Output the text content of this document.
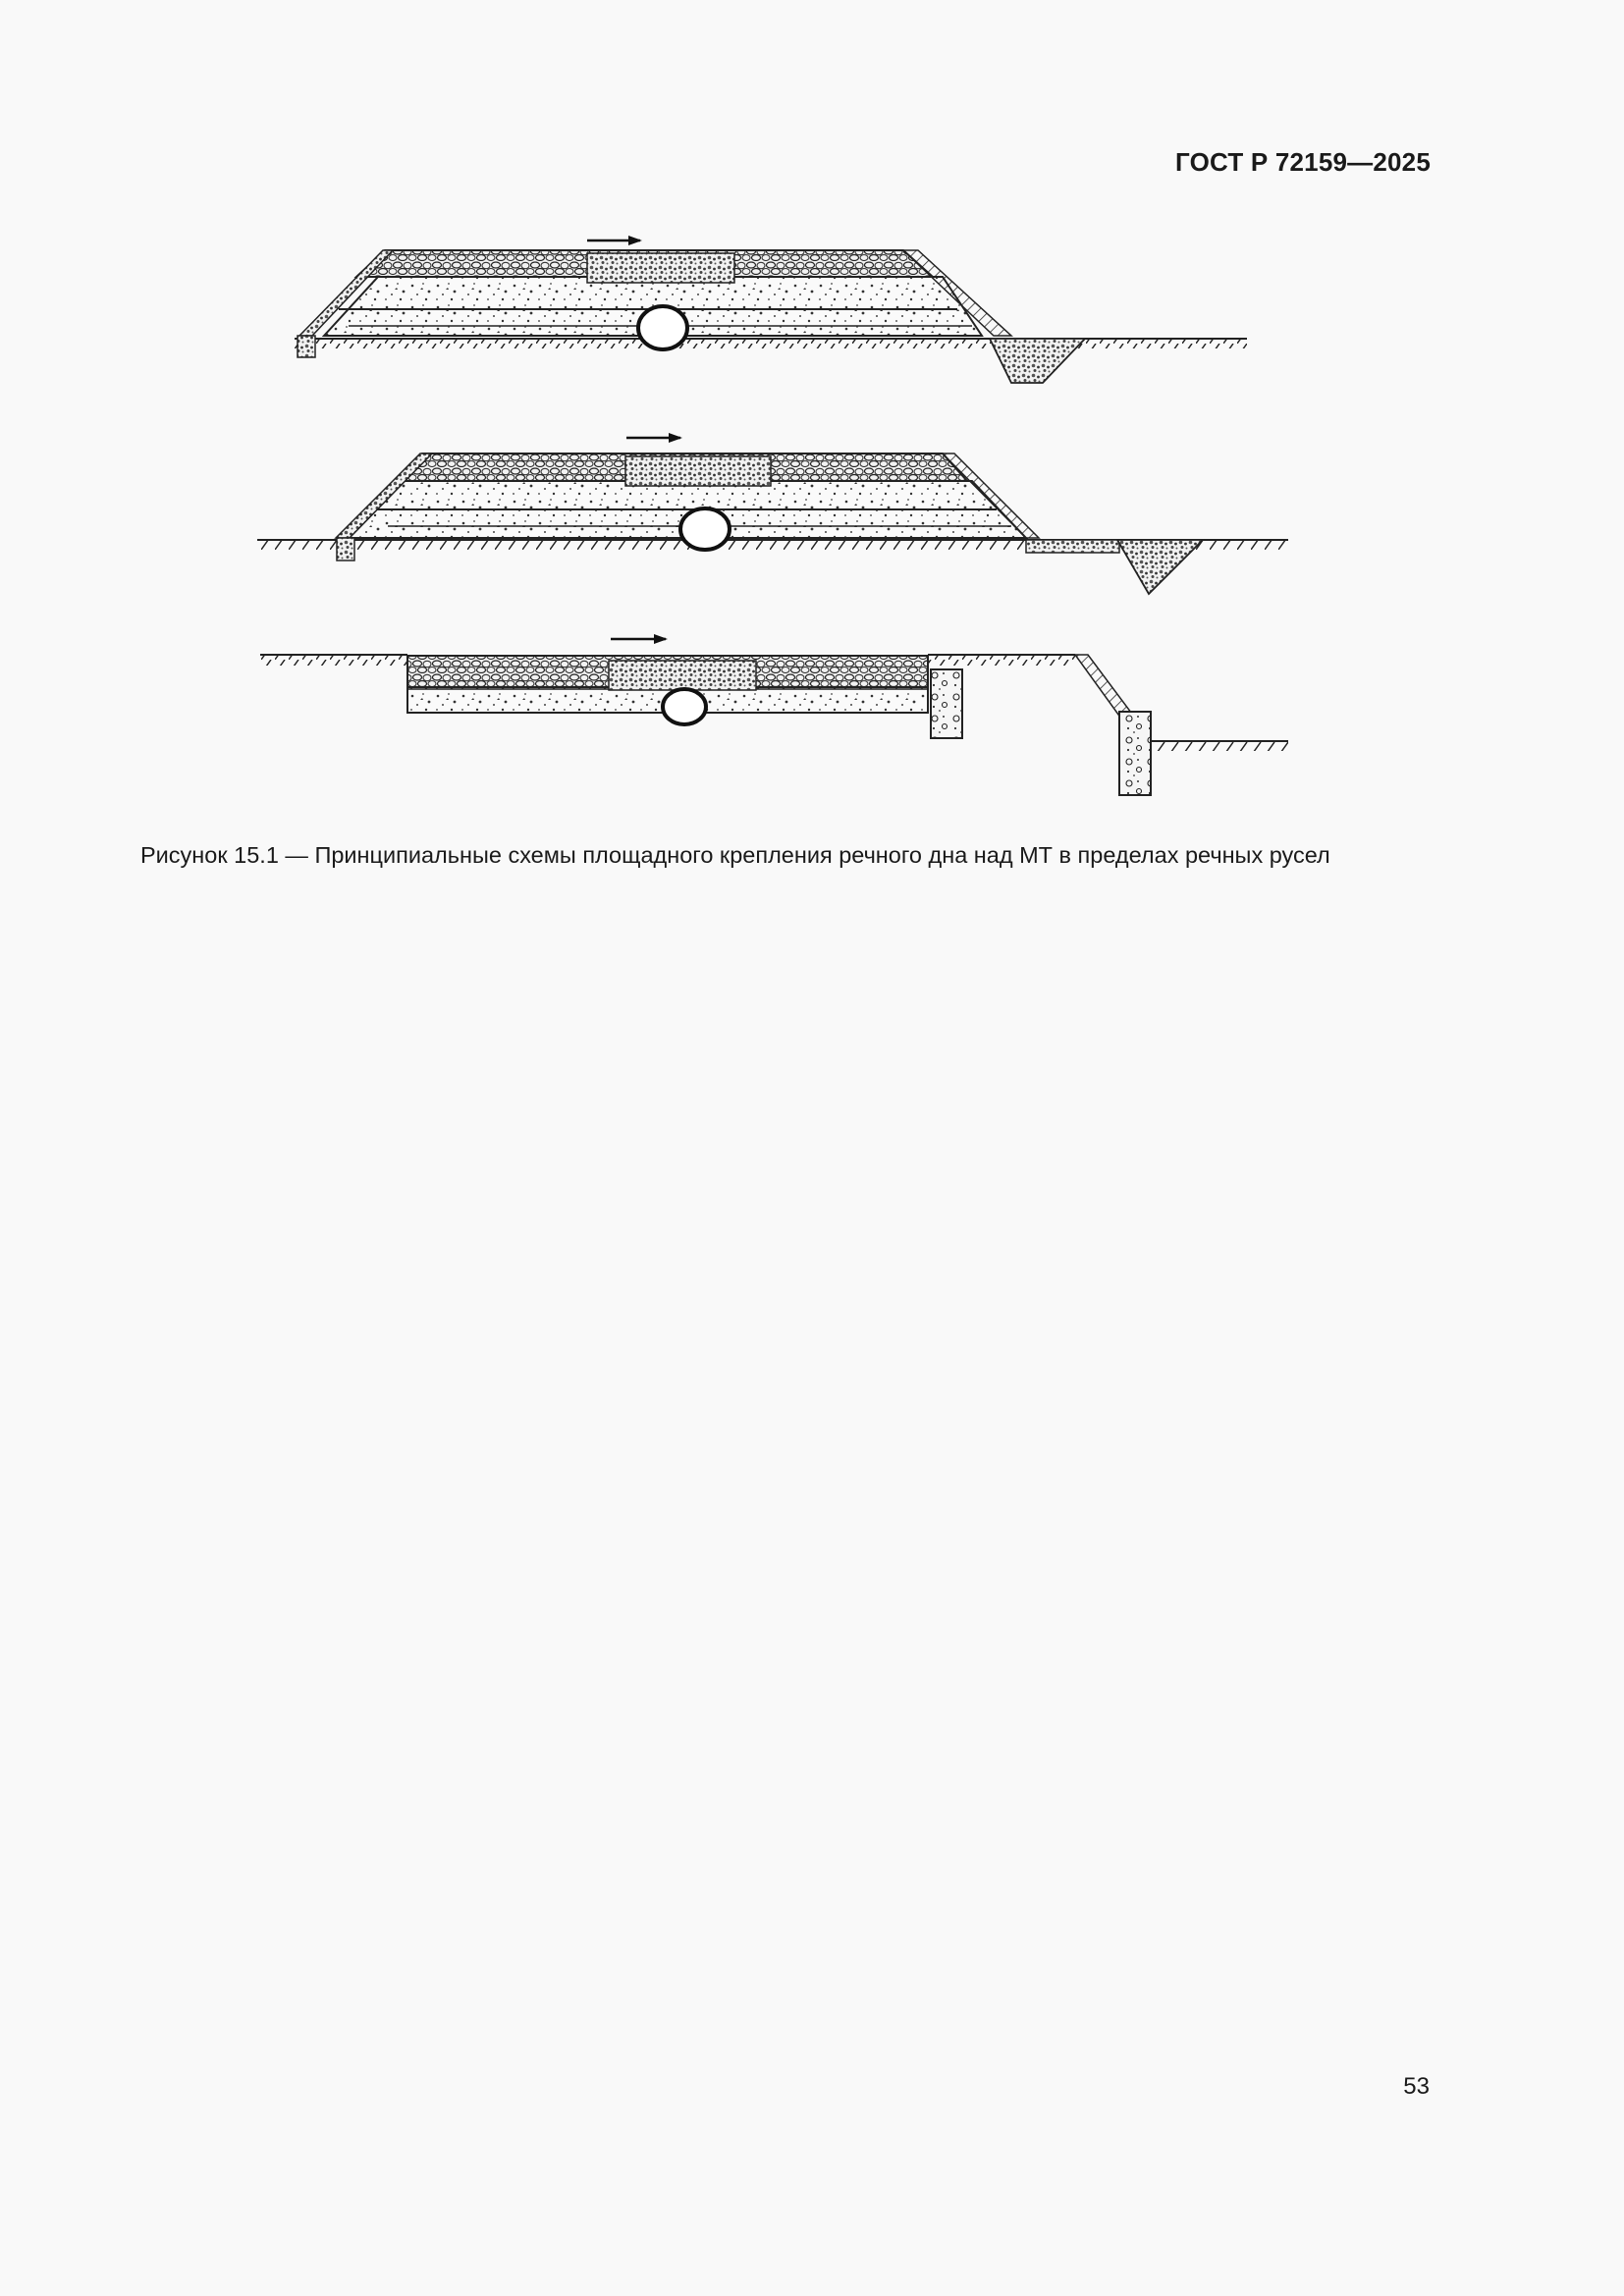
ГОСТ Р 72159—2025
Рисунок 15.1 — Принципиальные схемы площадного крепления речного дна над МТ в пределах речных русел
53
